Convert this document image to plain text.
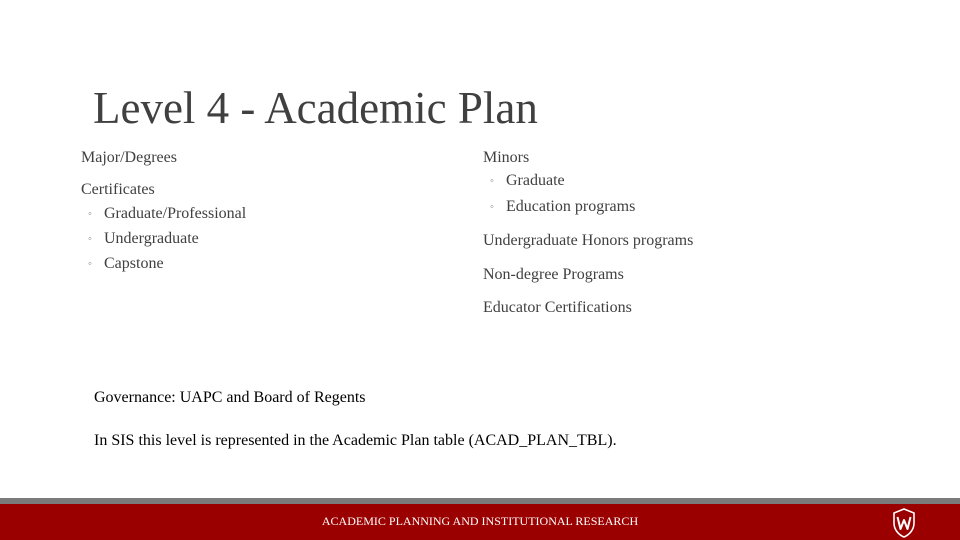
Level 4 - Academic Plan
Major/Degrees
Certificates
◦ Graduate/Professional
◦ Undergraduate
◦ Capstone
Minors
◦ Graduate
◦ Education programs
Undergraduate Honors programs
Non-degree Programs
Educator Certifications
Governance: UAPC and Board of Regents
In SIS this level is represented in the Academic Plan table (ACAD_PLAN_TBL).
ACADEMIC PLANNING AND INSTITUTIONAL RESEARCH
